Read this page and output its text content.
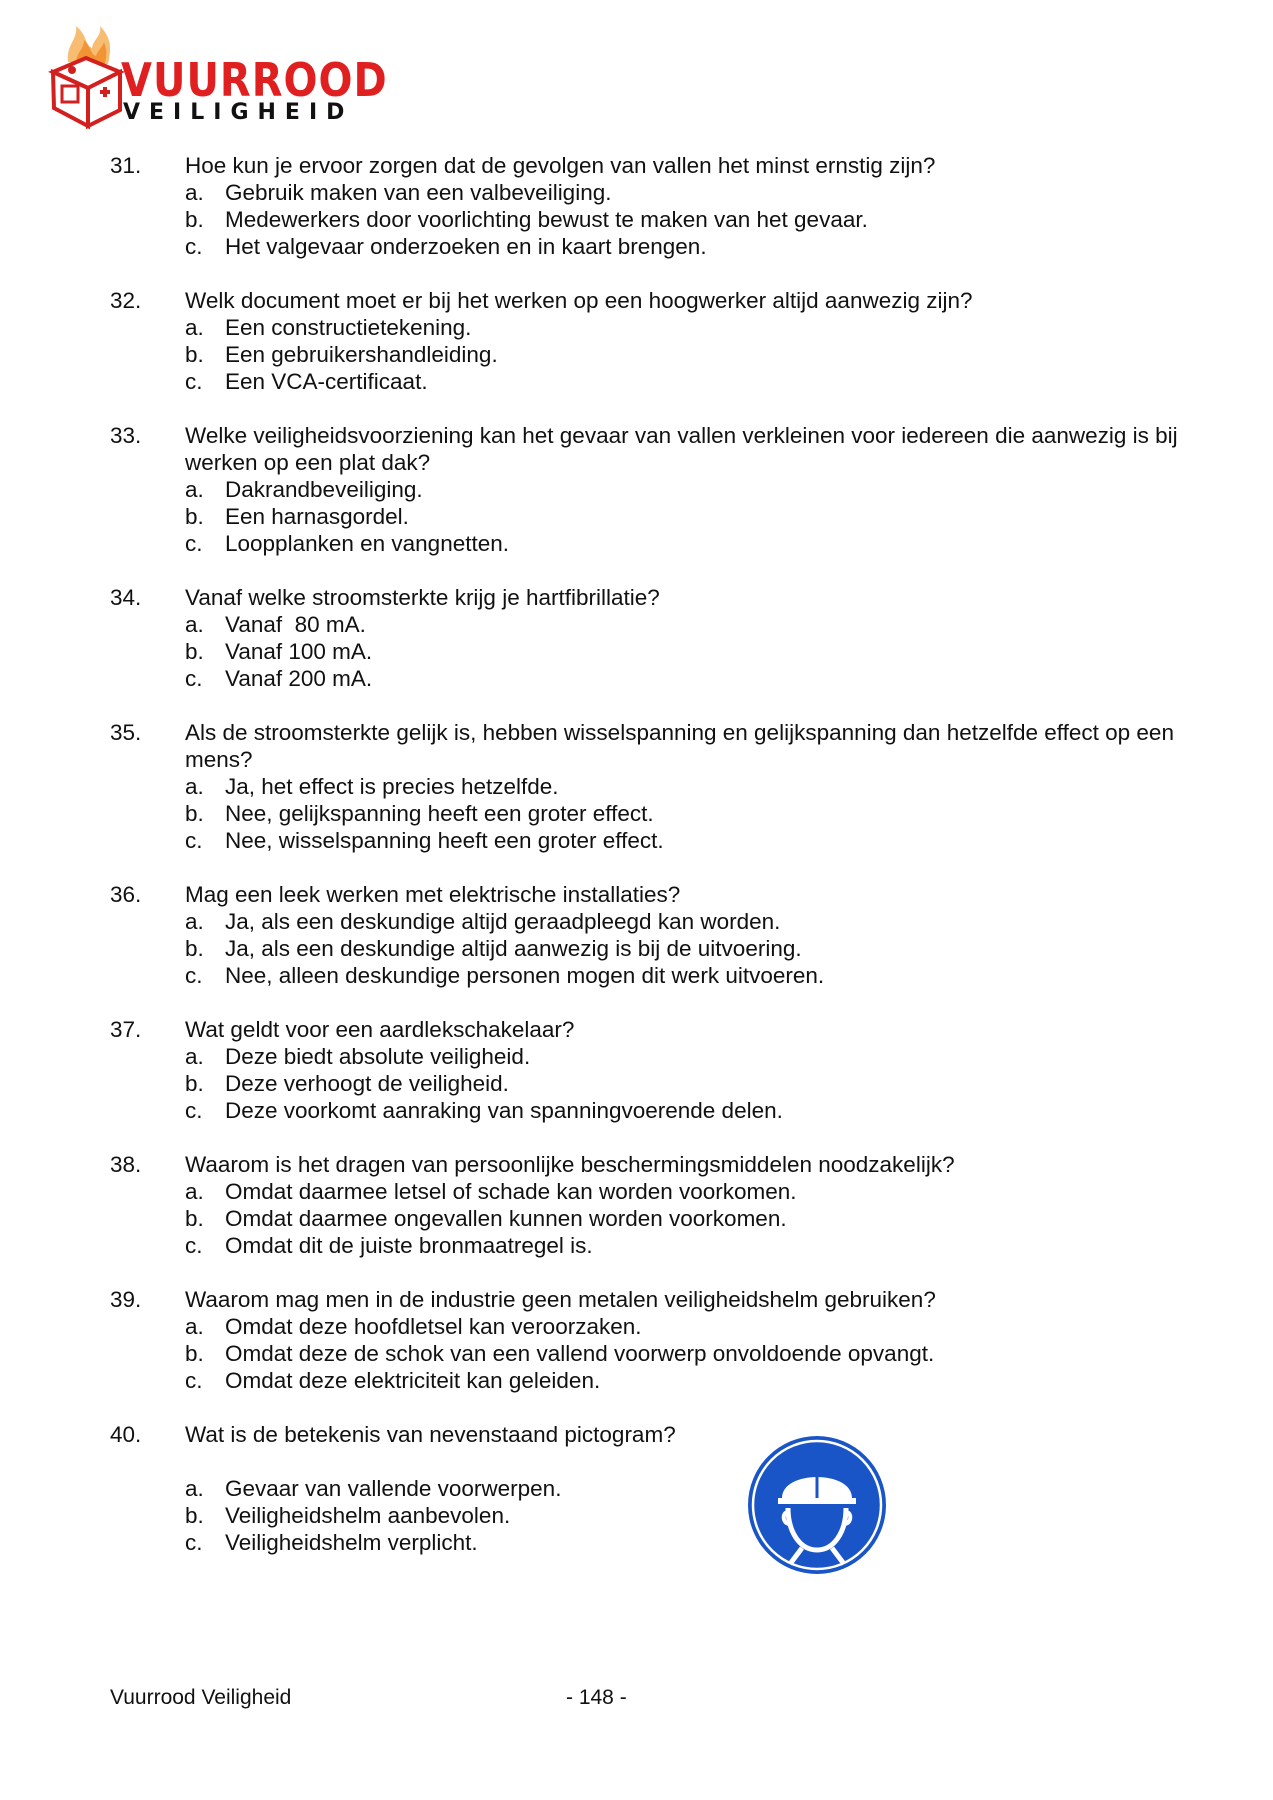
VUURROOD
VEILIGHEID
31.	Hoe kun je ervoor zorgen dat de gevolgen van vallen het minst ernstig zijn?
a. Gebruik maken van een valbeveiliging.
b. Medewerkers door voorlichting bewust te maken van het gevaar.
c. Het valgevaar onderzoeken en in kaart brengen.
32.	Welk document moet er bij het werken op een hoogwerker altijd aanwezig zijn?
a. Een constructietekening.
b. Een gebruikershandleiding.
c. Een VCA-certificaat.
33.	Welke veiligheidsvoorziening kan het gevaar van vallen verkleinen voor iedereen die aanwezig is bij werken op een plat dak?
a. Dakrandbeveiliging.
b. Een harnasgordel.
c. Loopplanken en vangnetten.
34.	Vanaf welke stroomsterkte krijg je hartfibrillatie?
a. Vanaf  80 mA.
b. Vanaf 100 mA.
c. Vanaf 200 mA.
35.	Als de stroomsterkte gelijk is, hebben wisselspanning en gelijkspanning dan hetzelfde effect op een mens?
a. Ja, het effect is precies hetzelfde.
b. Nee, gelijkspanning heeft een groter effect.
c. Nee, wisselspanning heeft een groter effect.
36.	Mag een leek werken met elektrische installaties?
a. Ja, als een deskundige altijd geraadpleegd kan worden.
b. Ja, als een deskundige altijd aanwezig is bij de uitvoering.
c. Nee, alleen deskundige personen mogen dit werk uitvoeren.
37.	Wat geldt voor een aardlekschakelaar?
a. Deze biedt absolute veiligheid.
b. Deze verhoogt de veiligheid.
c. Deze voorkomt aanraking van spanningvoerende delen.
38.	Waarom is het dragen van persoonlijke beschermingsmiddelen noodzakelijk?
a. Omdat daarmee letsel of schade kan worden voorkomen.
b. Omdat daarmee ongevallen kunnen worden voorkomen.
c. Omdat dit de juiste bronmaatregel is.
39.	Waarom mag men in de industrie geen metalen veiligheidshelm gebruiken?
a. Omdat deze hoofdletsel kan veroorzaken.
b. Omdat deze de schok van een vallend voorwerp onvoldoende opvangt.
c. Omdat deze elektriciteit kan geleiden.
40.	Wat is de betekenis van nevenstaand pictogram?
a. Gevaar van vallende voorwerpen.
b. Veiligheidshelm aanbevolen.
c. Veiligheidshelm verplicht.
Vuurrood Veiligheid	- 148 -
